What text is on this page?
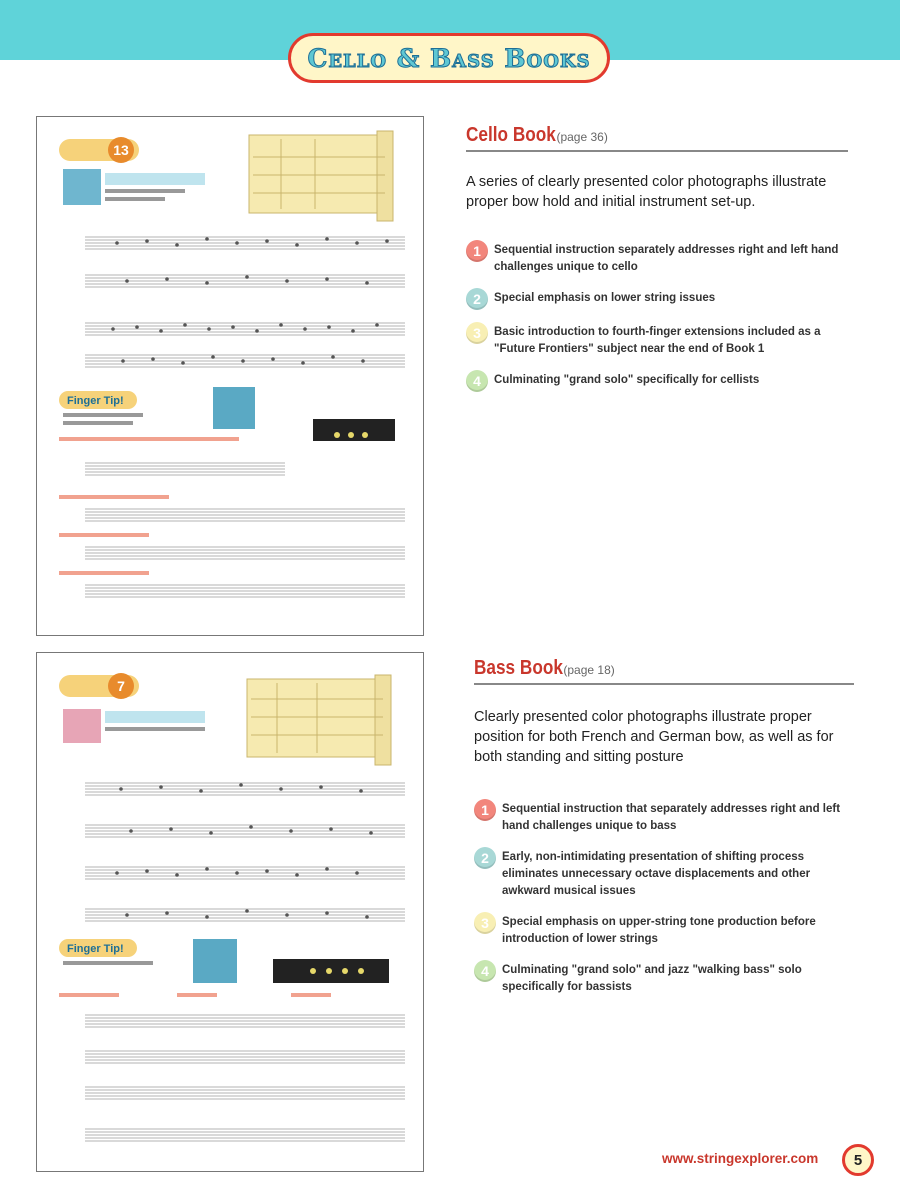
Cello & Bass Books
13
Finger Tip!
7
Finger Tip!
Cello Book (page 36)
A series of clearly presented color photographs illustrate proper bow hold and initial instrument set-up.
1	Sequential instruction separately addresses right and left hand challenges unique to cello
2	Special emphasis on lower string issues
3	Basic introduction to fourth-finger extensions included as a "Future Frontiers" subject near the end of Book 1
4	Culminating "grand solo" specifically for cellists
Bass Book (page 18)
Clearly presented color photographs illustrate proper position for both French and German bow, as well as for both standing and sitting posture
1	Sequential instruction that separately addresses right and left hand challenges unique to bass
2	Early, non-intimidating presentation of shifting process eliminates unnecessary octave displacements and other awkward musical issues
3	Special emphasis on upper-string tone production before introduction of lower strings
4	Culminating "grand solo" and jazz "walking bass" solo specifically for bassists
www.stringexplorer.com	5
